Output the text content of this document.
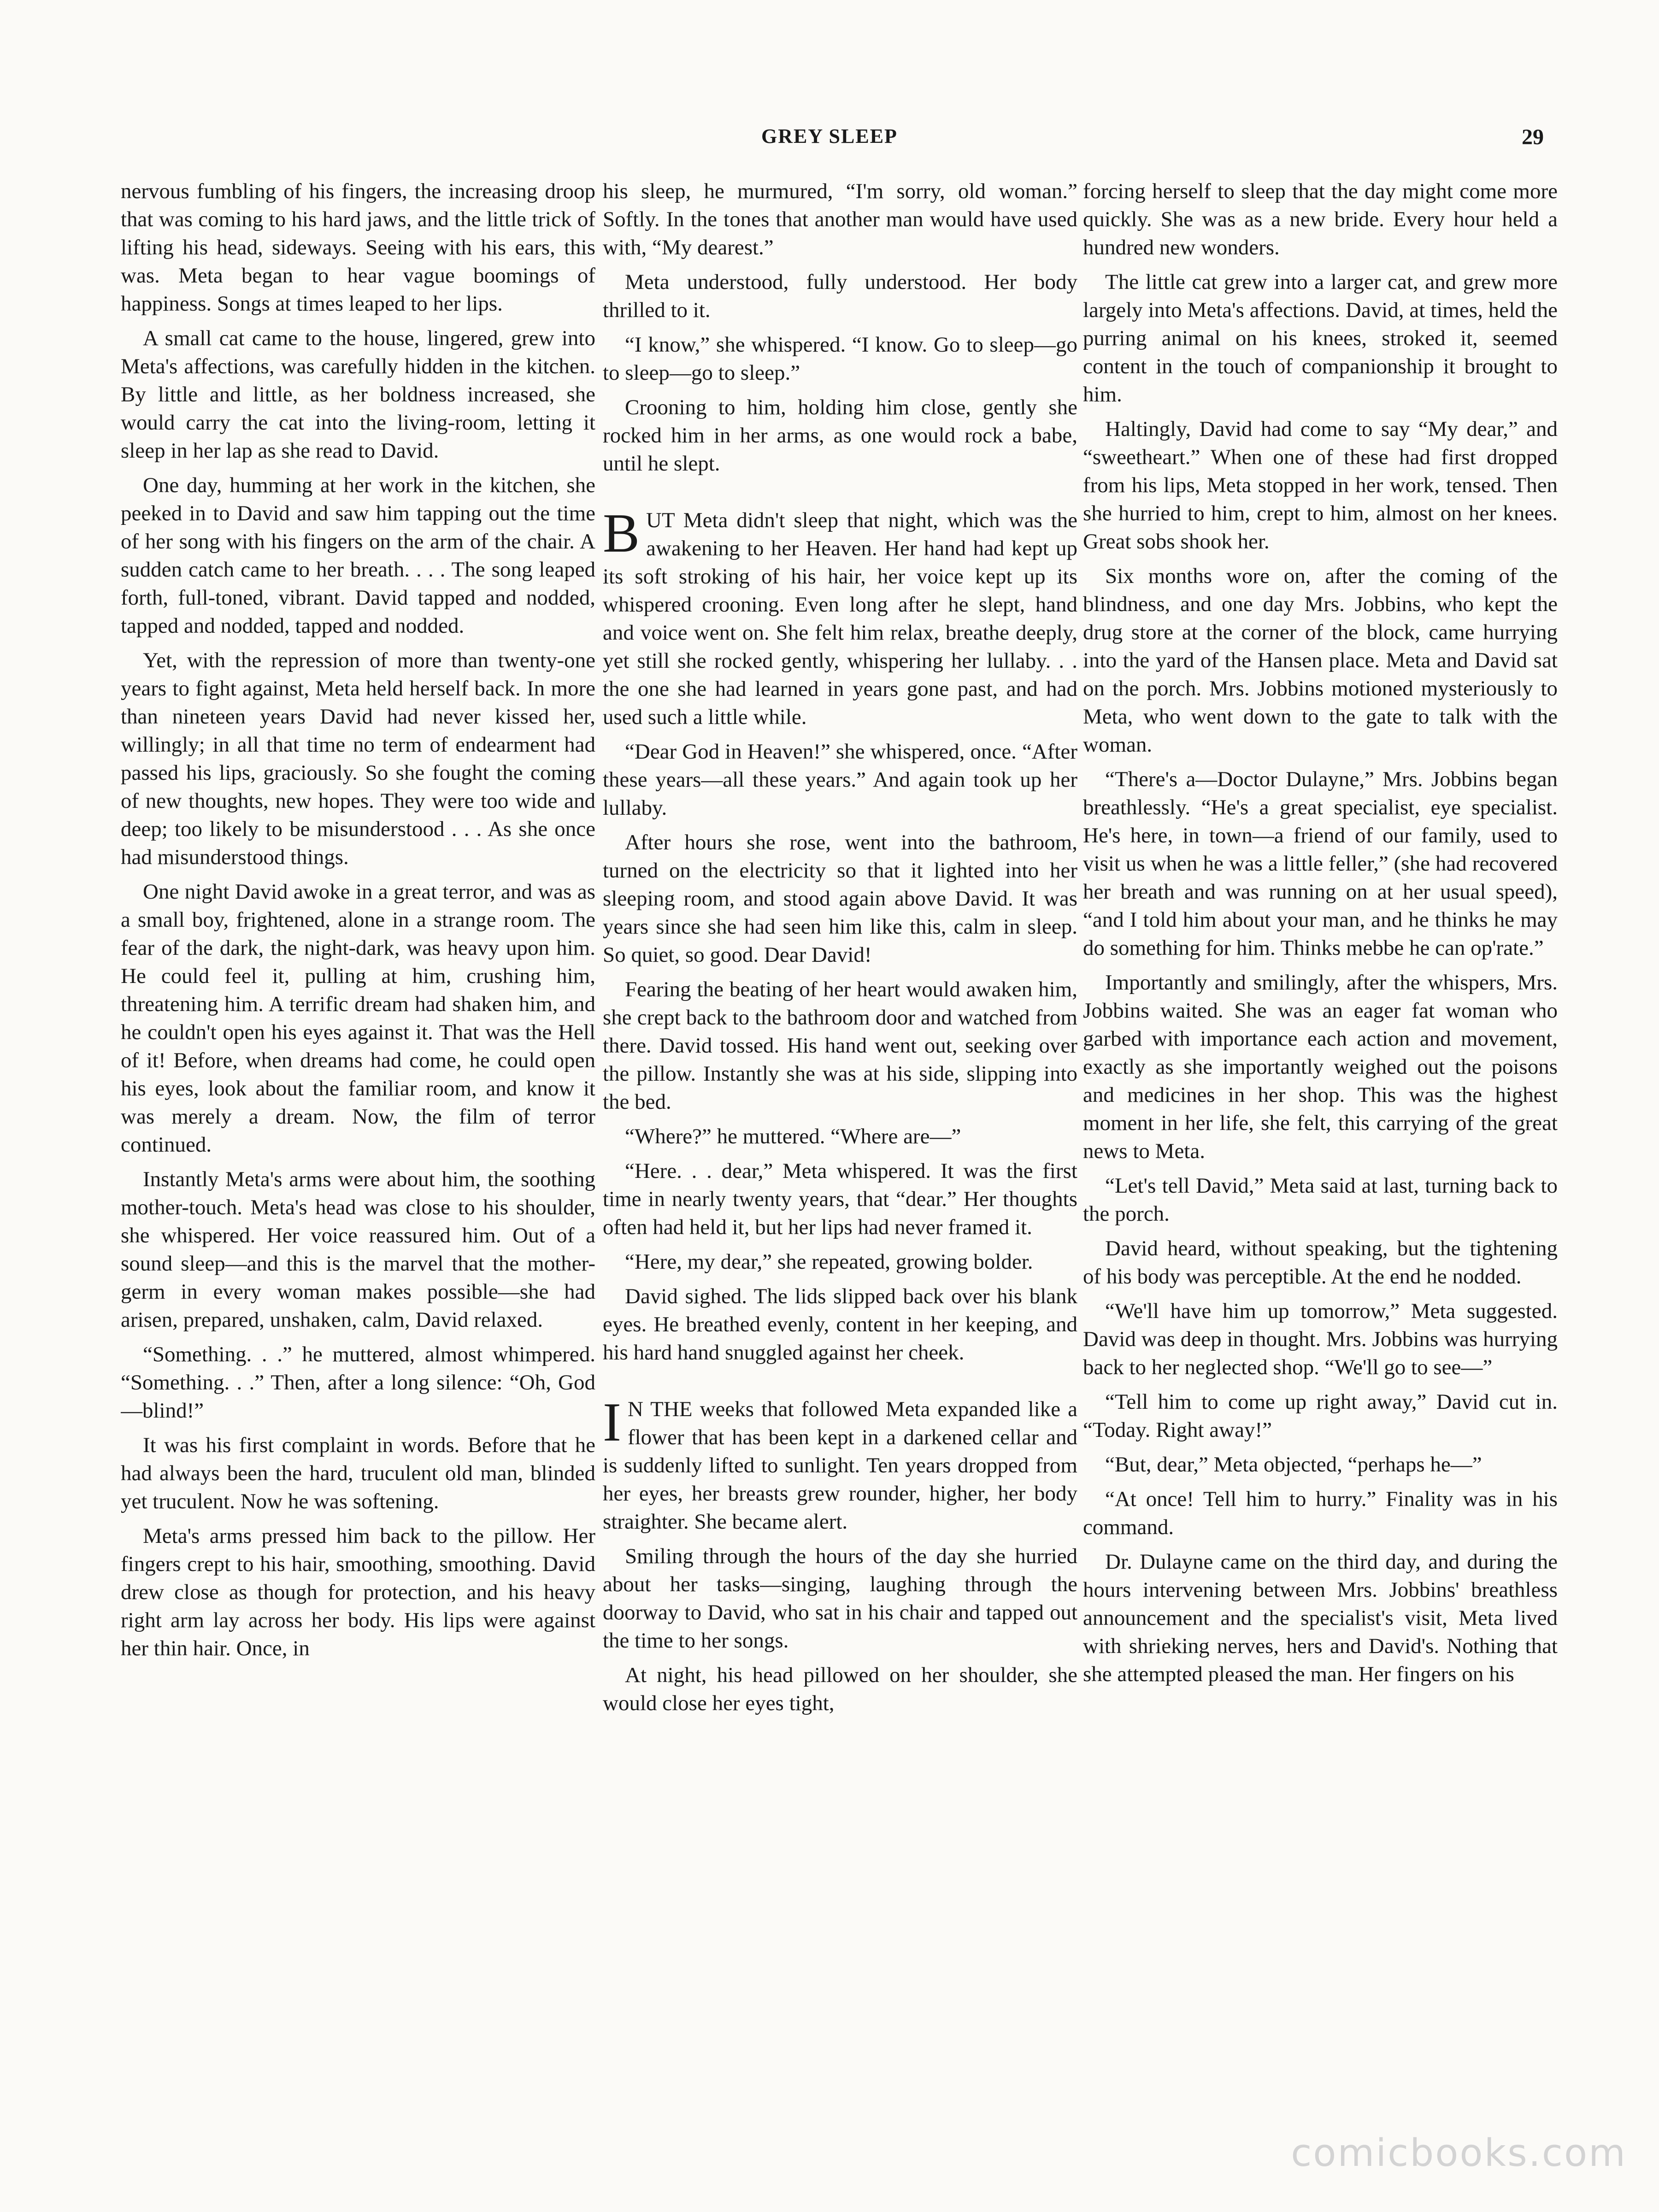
GREY SLEEP	29

nervous fumbling of his fingers, the increasing droop that was coming to his hard jaws, and the little trick of lifting his head, sideways. Seeing with his ears, this was. Meta began to hear vague boomings of happiness. Songs at times leaped to her lips.

A small cat came to the house, lingered, grew into Meta's affections, was carefully hidden in the kitchen. By little and little, as her boldness increased, she would carry the cat into the living-room, letting it sleep in her lap as she read to David.

One day, humming at her work in the kitchen, she peeked in to David and saw him tapping out the time of her song with his fingers on the arm of the chair. A sudden catch came to her breath. . . . The song leaped forth, full-toned, vibrant. David tapped and nodded, tapped and nodded, tapped and nodded.

Yet, with the repression of more than twenty-one years to fight against, Meta held herself back. In more than nineteen years David had never kissed her, willingly; in all that time no term of endearment had passed his lips, graciously. So she fought the coming of new thoughts, new hopes. They were too wide and deep; too likely to be misunderstood . . . As she once had misunderstood things.

One night David awoke in a great terror, and was as a small boy, frightened, alone in a strange room. The fear of the dark, the night-dark, was heavy upon him. He could feel it, pulling at him, crushing him, threatening him. A terrific dream had shaken him, and he couldn't open his eyes against it. That was the Hell of it! Before, when dreams had come, he could open his eyes, look about the familiar room, and know it was merely a dream. Now, the film of terror continued.

Instantly Meta's arms were about him, the soothing mother-touch. Meta's head was close to his shoulder, she whispered. Her voice reassured him. Out of a sound sleep—and this is the marvel that the mother-germ in every woman makes possible—she had arisen, prepared, unshaken, calm, David relaxed.

“Something. . .” he muttered, almost whimpered. “Something. . .” Then, after a long silence: “Oh, God—blind!”

It was his first complaint in words. Before that he had always been the hard, truculent old man, blinded yet truculent. Now he was softening.

Meta's arms pressed him back to the pillow. Her fingers crept to his hair, smoothing, smoothing. David drew close as though for protection, and his heavy right arm lay across her body. His lips were against her thin hair. Once, in

his sleep, he murmured, “I'm sorry, old woman.” Softly. In the tones that another man would have used with, “My dearest.”

Meta understood, fully understood. Her body thrilled to it.

“I know,” she whispered. “I know. Go to sleep—go to sleep—go to sleep.”

Crooning to him, holding him close, gently she rocked him in her arms, as one would rock a babe, until he slept.

BUT Meta didn't sleep that night, which was the awakening to her Heaven. Her hand had kept up its soft stroking of his hair, her voice kept up its whispered crooning. Even long after he slept, hand and voice went on. She felt him relax, breathe deeply, yet still she rocked gently, whispering her lullaby. . . the one she had learned in years gone past, and had used such a little while.

“Dear God in Heaven!” she whispered, once. “After these years—all these years.” And again took up her lullaby.

After hours she rose, went into the bathroom, turned on the electricity so that it lighted into her sleeping room, and stood again above David. It was years since she had seen him like this, calm in sleep. So quiet, so good. Dear David!

Fearing the beating of her heart would awaken him, she crept back to the bathroom door and watched from there. David tossed. His hand went out, seeking over the pillow. Instantly she was at his side, slipping into the bed.

“Where?” he muttered. “Where are—”

“Here. . . dear,” Meta whispered. It was the first time in nearly twenty years, that “dear.” Her thoughts often had held it, but her lips had never framed it.

“Here, my dear,” she repeated, growing bolder.

David sighed. The lids slipped back over his blank eyes. He breathed evenly, content in her keeping, and his hard hand snuggled against her cheek.

I N THE weeks that followed Meta expanded like a flower that has been kept in a darkened cellar and is suddenly lifted to sunlight. Ten years dropped from her eyes, her breasts grew rounder, higher, her body straighter. She became alert.

Smiling through the hours of the day she hurried about her tasks—singing, laughing through the doorway to David, who sat in his chair and tapped out the time to her songs.

At night, his head pillowed on her shoulder, she would close her eyes tight,

forcing herself to sleep that the day might come more quickly. She was as a new bride. Every hour held a hundred new wonders.

The little cat grew into a larger cat, and grew more largely into Meta's affections. David, at times, held the purring animal on his knees, stroked it, seemed content in the touch of companionship it brought to him.

Haltingly, David had come to say “My dear,” and “sweetheart.” When one of these had first dropped from his lips, Meta stopped in her work, tensed. Then she hurried to him, crept to him, almost on her knees. Great sobs shook her.

Six months wore on, after the coming of the blindness, and one day Mrs. Jobbins, who kept the drug store at the corner of the block, came hurrying into the yard of the Hansen place. Meta and David sat on the porch. Mrs. Jobbins motioned mysteriously to Meta, who went down to the gate to talk with the woman.

“There's a—Doctor Dulayne,” Mrs. Jobbins began breathlessly. “He's a great specialist, eye specialist. He's here, in town—a friend of our family, used to visit us when he was a little feller,” (she had recovered her breath and was running on at her usual speed), “and I told him about your man, and he thinks he may do something for him. Thinks mebbe he can op'rate.”

Importantly and smilingly, after the whispers, Mrs. Jobbins waited. She was an eager fat woman who garbed with importance each action and movement, exactly as she importantly weighed out the poisons and medicines in her shop. This was the highest moment in her life, she felt, this carrying of the great news to Meta.

“Let's tell David,” Meta said at last, turning back to the porch.

David heard, without speaking, but the tightening of his body was perceptible. At the end he nodded.

“We'll have him up tomorrow,” Meta suggested. David was deep in thought. Mrs. Jobbins was hurrying back to her neglected shop. “We'll go to see—”

“Tell him to come up right away,” David cut in. “Today. Right away!”

“But, dear,” Meta objected, “perhaps he—”

“At once! Tell him to hurry.” Finality was in his command.

Dr. Dulayne came on the third day, and during the hours intervening between Mrs. Jobbins' breathless announcement and the specialist's visit, Meta lived with shrieking nerves, hers and David's. Nothing that she attempted pleased the man. Her fingers on his

comicbooks.com
